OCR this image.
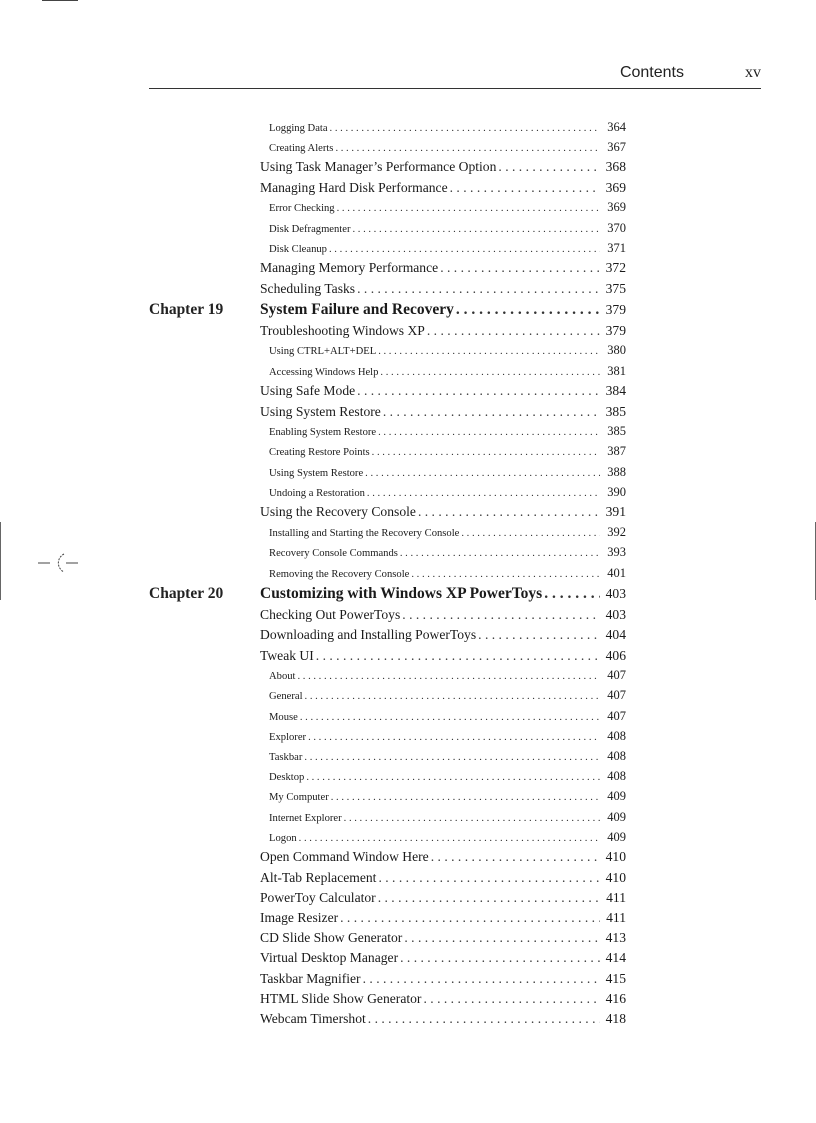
Contents	xv
Logging Data . . .	364
Creating Alerts . . .	367
Using Task Manager’s Performance Option . . .	368
Managing Hard Disk Performance . . .	369
Error Checking . . .	369
Disk Defragmenter . . .	370
Disk Cleanup . . .	371
Managing Memory Performance . . .	372
Scheduling Tasks . . .	375
Chapter 19 System Failure and Recovery . . .	379
Troubleshooting Windows XP . . .	379
Using CTRL+ALT+DEL . . .	380
Accessing Windows Help . . .	381
Using Safe Mode . . .	384
Using System Restore . . .	385
Enabling System Restore . . .	385
Creating Restore Points . . .	387
Using System Restore . . .	388
Undoing a Restoration . . .	390
Using the Recovery Console . . .	391
Installing and Starting the Recovery Console . . .	392
Recovery Console Commands . . .	393
Removing the Recovery Console . . .	401
Chapter 20 Customizing with Windows XP PowerToys . . .	403
Checking Out PowerToys . . .	403
Downloading and Installing PowerToys . . .	404
Tweak UI . . .	406
About . . .	407
General . . .	407
Mouse . . .	407
Explorer . . .	408
Taskbar . . .	408
Desktop . . .	408
My Computer . . .	409
Internet Explorer . . .	409
Logon . . .	409
Open Command Window Here . . .	410
Alt-Tab Replacement . . .	410
PowerToy Calculator . . .	411
Image Resizer . . .	411
CD Slide Show Generator . . .	413
Virtual Desktop Manager . . .	414
Taskbar Magnifier . . .	415
HTML Slide Show Generator . . .	416
Webcam Timershot . . .	418
